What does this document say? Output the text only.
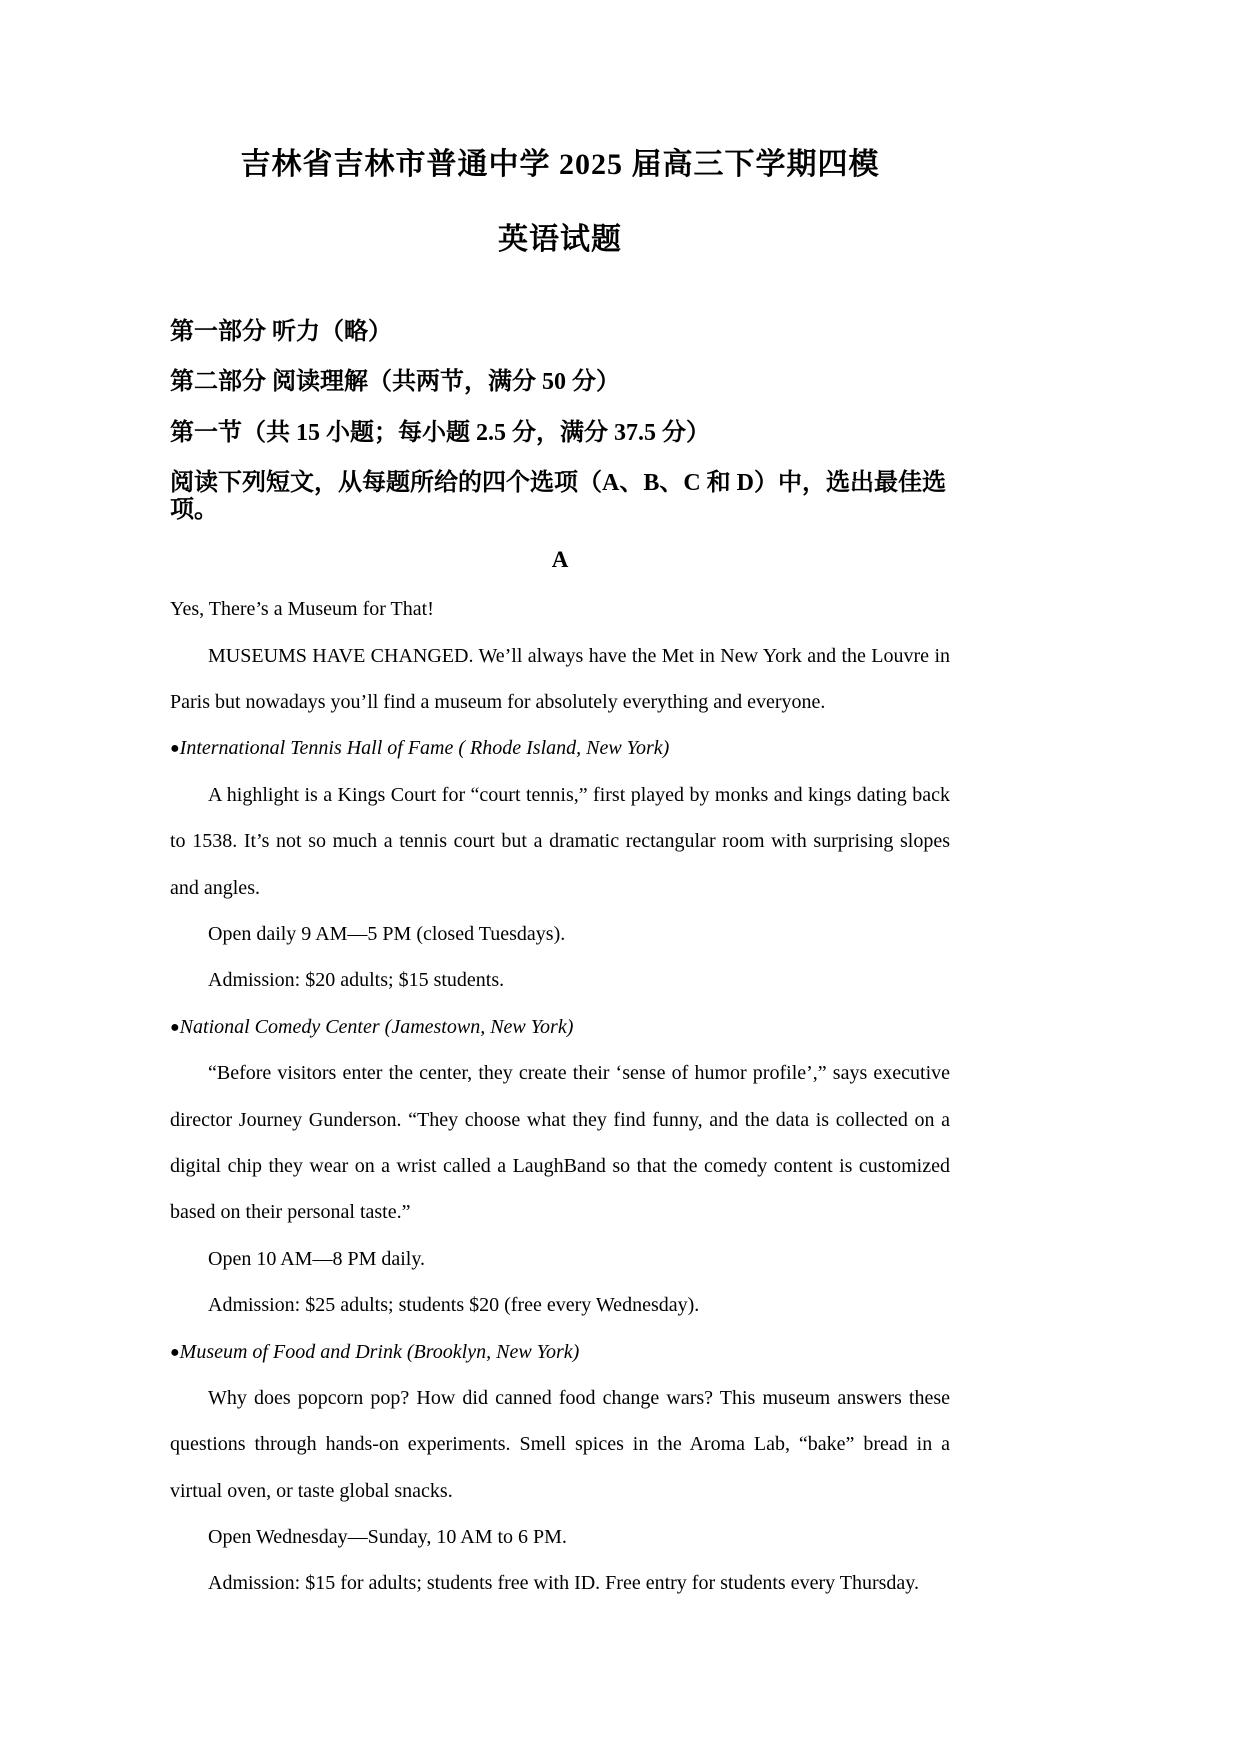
吉林省吉林市普通中学 2025 届高三下学期四模
英语试题

第一部分 听力（略）

第二部分 阅读理解（共两节，满分 50 分）

第一节（共 15 小题；每小题 2.5 分，满分 37.5 分）

阅读下列短文，从每题所给的四个选项（A、B、C 和 D）中，选出最佳选项。

A

Yes, There’s a Museum for That!

MUSEUMS HAVE CHANGED. We’ll always have the Met in New York and the Louvre in Paris but nowadays you’ll find a museum for absolutely everything and everyone.

●International Tennis Hall of Fame ( Rhode Island, New York)

A highlight is a Kings Court for “court tennis,” first played by monks and kings dating back to 1538. It’s not so much a tennis court but a dramatic rectangular room with surprising slopes and angles.

Open daily 9 AM—5 PM (closed Tuesdays).

Admission: $20 adults; $15 students.

●National Comedy Center (Jamestown, New York)

“Before visitors enter the center, they create their ‘sense of humor profile’,” says executive director Journey Gunderson. “They choose what they find funny, and the data is collected on a digital chip they wear on a wrist called a LaughBand so that the comedy content is customized based on their personal taste.”

Open 10 AM—8 PM daily.

Admission: $25 adults; students $20 (free every Wednesday).

●Museum of Food and Drink (Brooklyn, New York)

Why does popcorn pop? How did canned food change wars? This museum answers these questions through hands-on experiments. Smell spices in the Aroma Lab, “bake” bread in a virtual oven, or taste global snacks.

Open Wednesday—Sunday, 10 AM to 6 PM.

Admission: $15 for adults; students free with ID. Free entry for students every Thursday.
